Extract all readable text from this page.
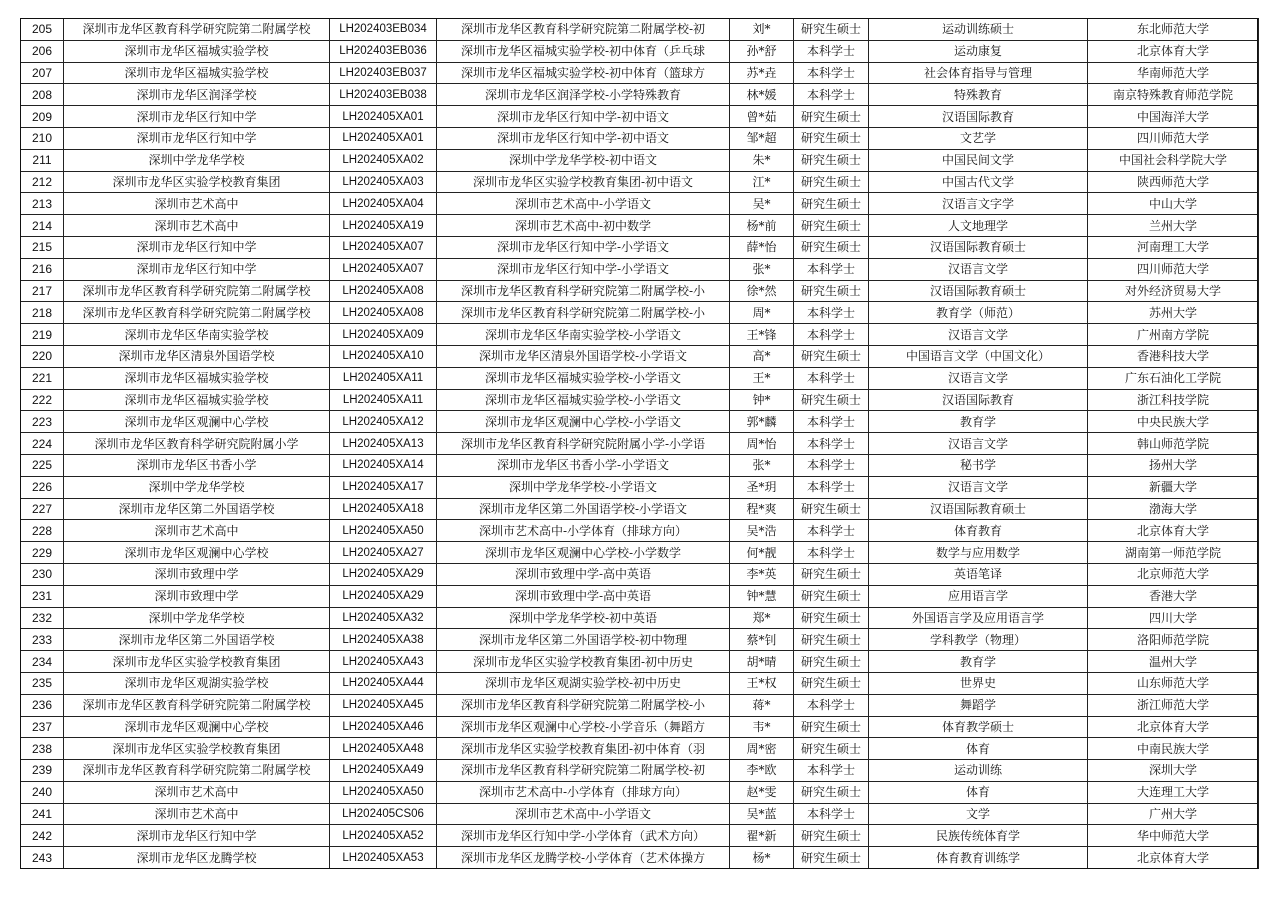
205	深圳市龙华区教育科学研究院第二附属学校	LH202403EB034	深圳市龙华区教育科学研究院第二附属学校-初	刘*	研究生硕士	运动训练硕士	东北师范大学
206	深圳市龙华区福城实验学校	LH202403EB036	深圳市龙华区福城实验学校-初中体育（乒乓球	孙*舒	本科学士	运动康复	北京体育大学
207	深圳市龙华区福城实验学校	LH202403EB037	深圳市龙华区福城实验学校-初中体育（篮球方	苏*垚	本科学士	社会体育指导与管理	华南师范大学
208	深圳市龙华区润泽学校	LH202403EB038	深圳市龙华区润泽学校-小学特殊教育	林*媛	本科学士	特殊教育	南京特殊教育师范学院
209	深圳市龙华区行知中学	LH202405XA01	深圳市龙华区行知中学-初中语文	曾*茹	研究生硕士	汉语国际教育	中国海洋大学
210	深圳市龙华区行知中学	LH202405XA01	深圳市龙华区行知中学-初中语文	邹*超	研究生硕士	文艺学	四川师范大学
211	深圳中学龙华学校	LH202405XA02	深圳中学龙华学校-初中语文	朱*	研究生硕士	中国民间文学	中国社会科学院大学
212	深圳市龙华区实验学校教育集团	LH202405XA03	深圳市龙华区实验学校教育集团-初中语文	江*	研究生硕士	中国古代文学	陕西师范大学
213	深圳市艺术高中	LH202405XA04	深圳市艺术高中-小学语文	吴*	研究生硕士	汉语言文字学	中山大学
214	深圳市艺术高中	LH202405XA19	深圳市艺术高中-初中数学	杨*前	研究生硕士	人文地理学	兰州大学
215	深圳市龙华区行知中学	LH202405XA07	深圳市龙华区行知中学-小学语文	薛*怡	研究生硕士	汉语国际教育硕士	河南理工大学
216	深圳市龙华区行知中学	LH202405XA07	深圳市龙华区行知中学-小学语文	张*	本科学士	汉语言文学	四川师范大学
217	深圳市龙华区教育科学研究院第二附属学校	LH202405XA08	深圳市龙华区教育科学研究院第二附属学校-小	徐*然	研究生硕士	汉语国际教育硕士	对外经济贸易大学
218	深圳市龙华区教育科学研究院第二附属学校	LH202405XA08	深圳市龙华区教育科学研究院第二附属学校-小	周*	本科学士	教育学（师范）	苏州大学
219	深圳市龙华区华南实验学校	LH202405XA09	深圳市龙华区华南实验学校-小学语文	王*锋	本科学士	汉语言文学	广州南方学院
220	深圳市龙华区清泉外国语学校	LH202405XA10	深圳市龙华区清泉外国语学校-小学语文	高*	研究生硕士	中国语言文学（中国文化）	香港科技大学
221	深圳市龙华区福城实验学校	LH202405XA11	深圳市龙华区福城实验学校-小学语文	王*	本科学士	汉语言文学	广东石油化工学院
222	深圳市龙华区福城实验学校	LH202405XA11	深圳市龙华区福城实验学校-小学语文	钟*	研究生硕士	汉语国际教育	浙江科技学院
223	深圳市龙华区观澜中心学校	LH202405XA12	深圳市龙华区观澜中心学校-小学语文	郭*麟	本科学士	教育学	中央民族大学
224	深圳市龙华区教育科学研究院附属小学	LH202405XA13	深圳市龙华区教育科学研究院附属小学-小学语	周*怡	本科学士	汉语言文学	韩山师范学院
225	深圳市龙华区书香小学	LH202405XA14	深圳市龙华区书香小学-小学语文	张*	本科学士	秘书学	扬州大学
226	深圳中学龙华学校	LH202405XA17	深圳中学龙华学校-小学语文	圣*玥	本科学士	汉语言文学	新疆大学
227	深圳市龙华区第二外国语学校	LH202405XA18	深圳市龙华区第二外国语学校-小学语文	程*爽	研究生硕士	汉语国际教育硕士	渤海大学
228	深圳市艺术高中	LH202405XA50	深圳市艺术高中-小学体育（排球方向）	吴*浩	本科学士	体育教育	北京体育大学
229	深圳市龙华区观澜中心学校	LH202405XA27	深圳市龙华区观澜中心学校-小学数学	何*靓	本科学士	数学与应用数学	湖南第一师范学院
230	深圳市致理中学	LH202405XA29	深圳市致理中学-高中英语	李*英	研究生硕士	英语笔译	北京师范大学
231	深圳市致理中学	LH202405XA29	深圳市致理中学-高中英语	钟*慧	研究生硕士	应用语言学	香港大学
232	深圳中学龙华学校	LH202405XA32	深圳中学龙华学校-初中英语	郑*	研究生硕士	外国语言学及应用语言学	四川大学
233	深圳市龙华区第二外国语学校	LH202405XA38	深圳市龙华区第二外国语学校-初中物理	蔡*钊	研究生硕士	学科教学（物理）	洛阳师范学院
234	深圳市龙华区实验学校教育集团	LH202405XA43	深圳市龙华区实验学校教育集团-初中历史	胡*晴	研究生硕士	教育学	温州大学
235	深圳市龙华区观湖实验学校	LH202405XA44	深圳市龙华区观湖实验学校-初中历史	王*权	研究生硕士	世界史	山东师范大学
236	深圳市龙华区教育科学研究院第二附属学校	LH202405XA45	深圳市龙华区教育科学研究院第二附属学校-小	蒋*	本科学士	舞蹈学	浙江师范大学
237	深圳市龙华区观澜中心学校	LH202405XA46	深圳市龙华区观澜中心学校-小学音乐（舞蹈方	韦*	研究生硕士	体育教学硕士	北京体育大学
238	深圳市龙华区实验学校教育集团	LH202405XA48	深圳市龙华区实验学校教育集团-初中体育（羽	周*密	研究生硕士	体育	中南民族大学
239	深圳市龙华区教育科学研究院第二附属学校	LH202405XA49	深圳市龙华区教育科学研究院第二附属学校-初	李*欧	本科学士	运动训练	深圳大学
240	深圳市艺术高中	LH202405XA50	深圳市艺术高中-小学体育（排球方向）	赵*雯	研究生硕士	体育	大连理工大学
241	深圳市艺术高中	LH202405CS06	深圳市艺术高中-小学语文	吴*蓝	本科学士	文学	广州大学
242	深圳市龙华区行知中学	LH202405XA52	深圳市龙华区行知中学-小学体育（武术方向）	翟*新	研究生硕士	民族传统体育学	华中师范大学
243	深圳市龙华区龙腾学校	LH202405XA53	深圳市龙华区龙腾学校-小学体育（艺术体操方	杨*	研究生硕士	体育教育训练学	北京体育大学
